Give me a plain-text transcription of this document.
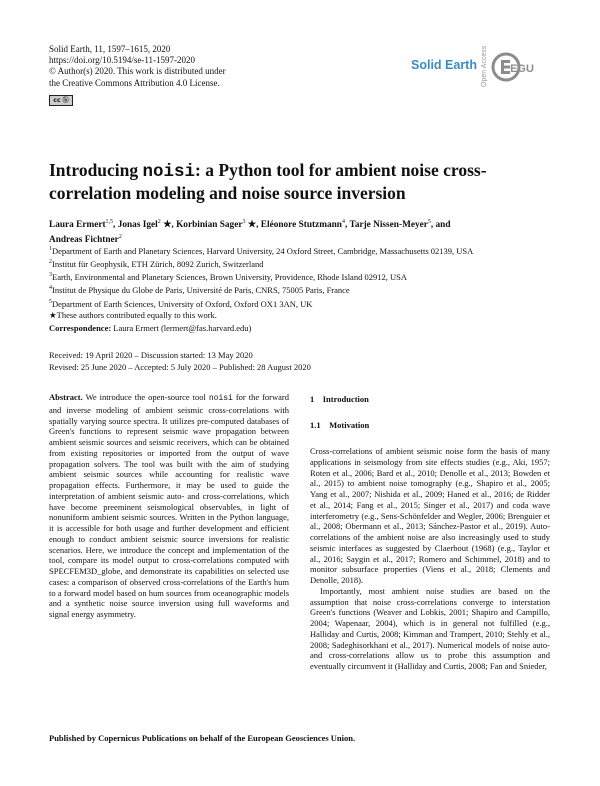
Solid Earth, 11, 1597–1615, 2020
https://doi.org/10.5194/se-11-1597-2020
© Author(s) 2020. This work is distributed under
the Creative Commons Attribution 4.0 License.
cc ⓑ
Solid Earth Open Access	EGU
Introducing noisi: a Python tool for ambient noise cross-correlation modeling and noise source inversion
Laura Ermert$^{1,5}$, Jonas Igel$^2$ ★, Korbinian Sager$^3$ ★, Eléonore Stutzmann$^4$, Tarje Nissen-Meyer$^5$, and
Andreas Fichtner$^2$
$^1$Department of Earth and Planetary Sciences, Harvard University, 24 Oxford Street, Cambridge, Massachusetts 02139, USA
$^2$Institut für Geophysik, ETH Zürich, 8092 Zurich, Switzerland
$^3$Earth, Environmental and Planetary Sciences, Brown University, Providence, Rhode Island 02912, USA
$^4$Institut de Physique du Globe de Paris, Université de Paris, CNRS, 75005 Paris, France
$^5$Department of Earth Sciences, University of Oxford, Oxford OX1 3AN, UK
★These authors contributed equally to this work.
Correspondence: Laura Ermert (lermert@fas.harvard.edu)
Received: 19 April 2020 – Discussion started: 13 May 2020
Revised: 25 June 2020 – Accepted: 5 July 2020 – Published: 28 August 2020
Abstract. We introduce the open-source tool noisi for the forward and inverse modeling of ambient seismic cross-correlations with spatially varying source spectra. It utilizes pre-computed databases of Green's functions to represent seismic wave propagation between ambient seismic sources and seismic receivers, which can be obtained from existing repositories or imported from the output of wave propagation solvers. The tool was built with the aim of studying ambient seismic sources while accounting for realistic wave propagation effects. Furthermore, it may be used to guide the interpretation of ambient seismic auto- and cross-correlations, which have become preeminent seismological observables, in light of nonuniform ambient seismic sources. Written in the Python language, it is accessible for both usage and further development and efficient enough to conduct ambient seismic source inversions for realistic scenarios. Here, we introduce the concept and implementation of the tool, compare its model output to cross-correlations computed with SPECFEM3D_globe, and demonstrate its capabilities on selected use cases: a comparison of observed cross-correlations of the Earth's hum to a forward model based on hum sources from oceanographic models and a synthetic noise source inversion using full waveforms and signal energy asymmetry.
1 Introduction
1.1 Motivation

Cross-correlations of ambient seismic noise form the basis of many applications in seismology from site effects studies (e.g., Aki, 1957; Roten et al., 2006; Bard et al., 2010; Denolle et al., 2013; Bowden et al., 2015) to ambient noise tomography (e.g., Shapiro et al., 2005; Yang et al., 2007; Nishida et al., 2009; Haned et al., 2016; de Ridder et al., 2014; Fang et al., 2015; Singer et al., 2017) and coda wave interferometry (e.g., Sens-Schönfelder and Wegler, 2006; Brenguier et al., 2008; Obermann et al., 2013; Sánchez-Pastor et al., 2019). Auto-correlations of the ambient noise are also increasingly used to study seismic interfaces as suggested by Claerbout (1968) (e.g., Taylor et al., 2016; Saygin et al., 2017; Romero and Schimmel, 2018) and to monitor subsurface properties (Viens et al., 2018; Clements and Denolle, 2018).

Importantly, most ambient noise studies are based on the assumption that noise cross-correlations converge to interstation Green's functions (Weaver and Lobkis, 2001; Shapiro and Campillo, 2004; Wapenaar, 2004), which is in general not fulfilled (e.g., Halliday and Curtis, 2008; Kimman and Trampert, 2010; Stehly et al., 2008; Sadeghisorkhani et al., 2017). Numerical models of noise auto- and cross-correlations allow us to probe this assumption and eventually circumvent it (Halliday and Curtis, 2008; Fan and Snieder,

Published by Copernicus Publications on behalf of the European Geosciences Union.
